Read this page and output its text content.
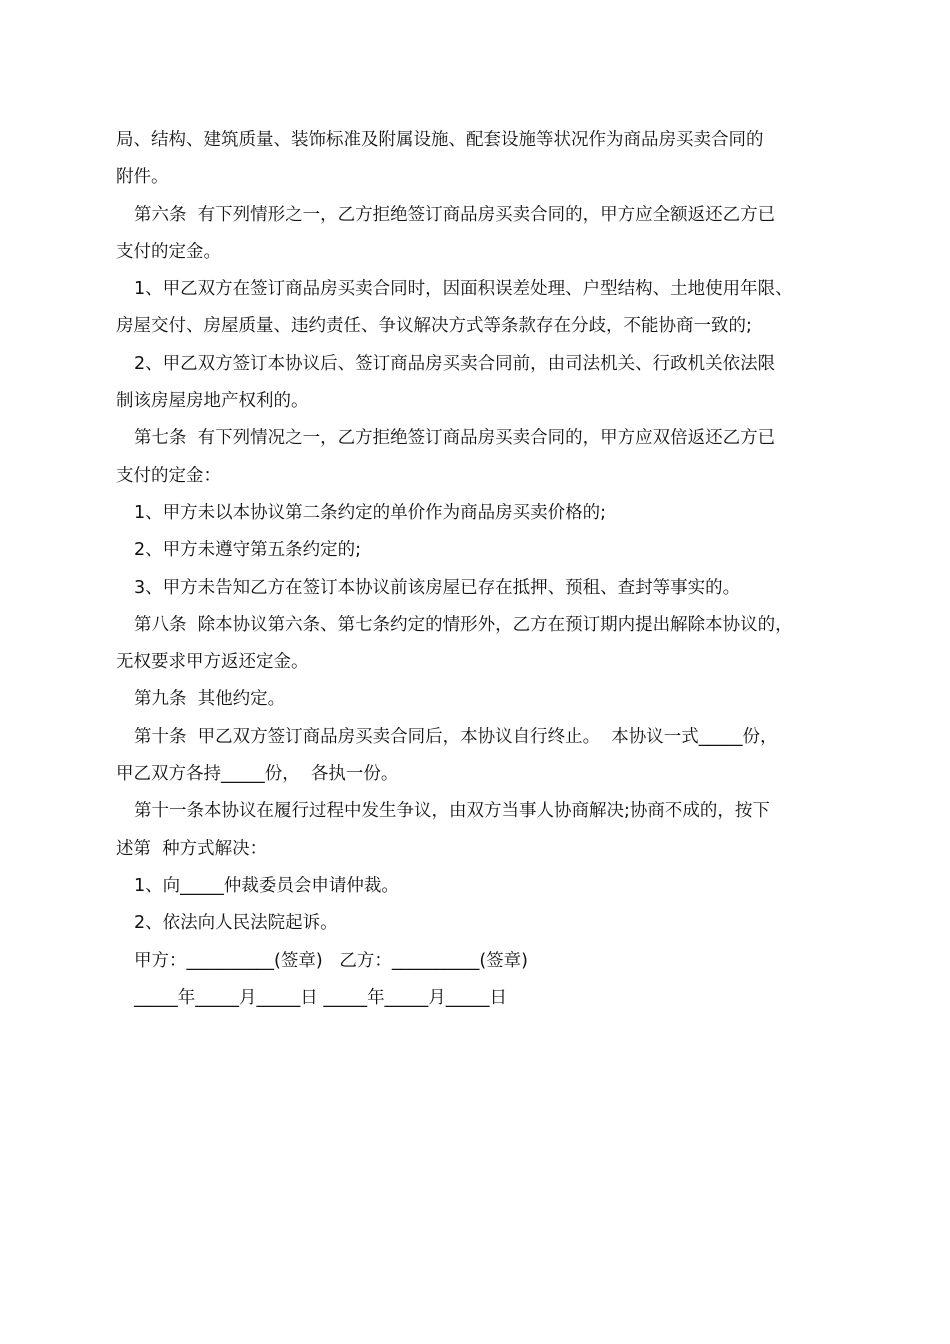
局、结构、建筑质量、装饰标准及附属设施、配套设施等状况作为商品房买卖合同的
附件。
第六条  有下列情形之一，乙方拒绝签订商品房买卖合同的，甲方应全额返还乙方已
支付的定金。
1、甲乙双方在签订商品房买卖合同时，因面积误差处理、户型结构、土地使用年限、
房屋交付、房屋质量、违约责任、争议解决方式等条款存在分歧，不能协商一致的;
2、甲乙双方签订本协议后、签订商品房买卖合同前，由司法机关、行政机关依法限
制该房屋房地产权利的。
第七条  有下列情况之一，乙方拒绝签订商品房买卖合同的，甲方应双倍返还乙方已
支付的定金：
1、甲方未以本协议第二条约定的单价作为商品房买卖价格的;
2、甲方未遵守第五条约定的;
3、甲方未告知乙方在签订本协议前该房屋已存在抵押、预租、查封等事实的。
第八条  除本协议第六条、第七条约定的情形外，乙方在预订期内提出解除本协议的，
无权要求甲方返还定金。
第九条  其他约定。
第十条  甲乙双方签订商品房买卖合同后，本协议自行终止。  本协议一式_____份，
甲乙双方各持_____份，  各执一份。
第十一条本协议在履行过程中发生争议，由双方当事人协商解决;协商不成的，按下
述第  种方式解决：
1、向_____仲裁委员会申请仲裁。
2、依法向人民法院起诉。
甲方：__________(签章)   乙方：__________(签章)
_____年_____月_____日 _____年_____月_____日
